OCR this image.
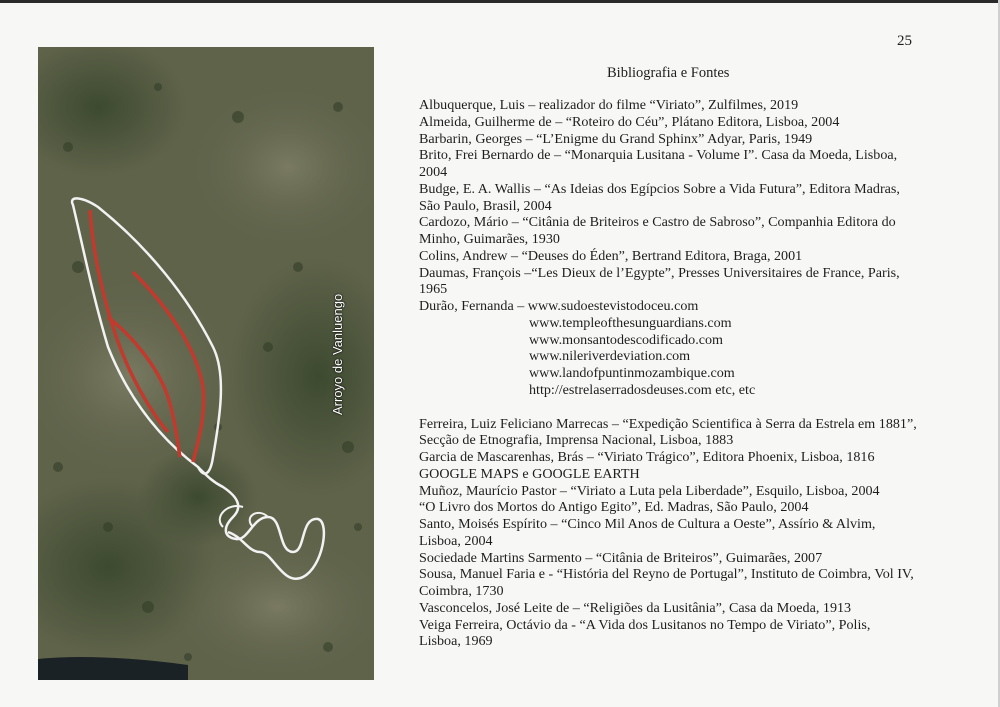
25
Arroyo de Vanluengo
Bibliografia e Fontes

Albuquerque, Luis – realizador do filme “Viriato”, Zulfilmes, 2019

Almeida, Guilherme de – “Roteiro do Céu”, Plátano Editora, Lisboa, 2004

Barbarin, Georges – “L’Enigme du Grand Sphinx” Adyar, Paris, 1949

Brito, Frei Bernardo de – “Monarquia Lusitana - Volume I”. Casa da Moeda, Lisboa,

2004

Budge, E. A. Wallis – “As Ideias dos Egípcios Sobre a Vida Futura”, Editora Madras,

São Paulo, Brasil, 2004

Cardozo, Mário – “Citânia de Briteiros e Castro de Sabroso”, Companhia Editora do

Minho, Guimarães, 1930

Colins, Andrew – “Deuses do Éden”, Bertrand Editora, Braga, 2001

Daumas, François –“Les Dieux de l’Egypte”, Presses Universitaires de France, Paris,

1965

Durão, Fernanda – www.sudoestevistodoceu.com

www.templeofthesunguardians.com

www.monsantodescodificado.com

www.nileriverdeviation.com

www.landofpuntinmozambique.com

http://estrelaserradosdeuses.com etc, etc

Ferreira, Luiz Feliciano Marrecas – “Expedição Scientifica à Serra da Estrela em 1881”,

Secção de Etnografia, Imprensa Nacional, Lisboa, 1883

Garcia de Mascarenhas, Brás – “Viriato Trágico”, Editora Phoenix, Lisboa, 1816

GOOGLE MAPS e GOOGLE EARTH

Muñoz, Maurício Pastor – “Viriato a Luta pela Liberdade”, Esquilo, Lisboa, 2004

“O Livro dos Mortos do Antigo Egito”, Ed. Madras, São Paulo, 2004

Santo, Moisés Espírito – “Cinco Mil Anos de Cultura a Oeste”, Assírio & Alvim,

Lisboa, 2004

Sociedade Martins Sarmento – “Citânia de Briteiros”, Guimarães, 2007

Sousa, Manuel Faria e - “História del Reyno de Portugal”, Instituto de Coimbra, Vol IV,

Coimbra, 1730

Vasconcelos, José Leite de – “Religiões da Lusitânia”, Casa da Moeda, 1913

Veiga Ferreira, Octávio da - “A Vida dos Lusitanos no Tempo de Viriato”, Polis,

Lisboa, 1969
